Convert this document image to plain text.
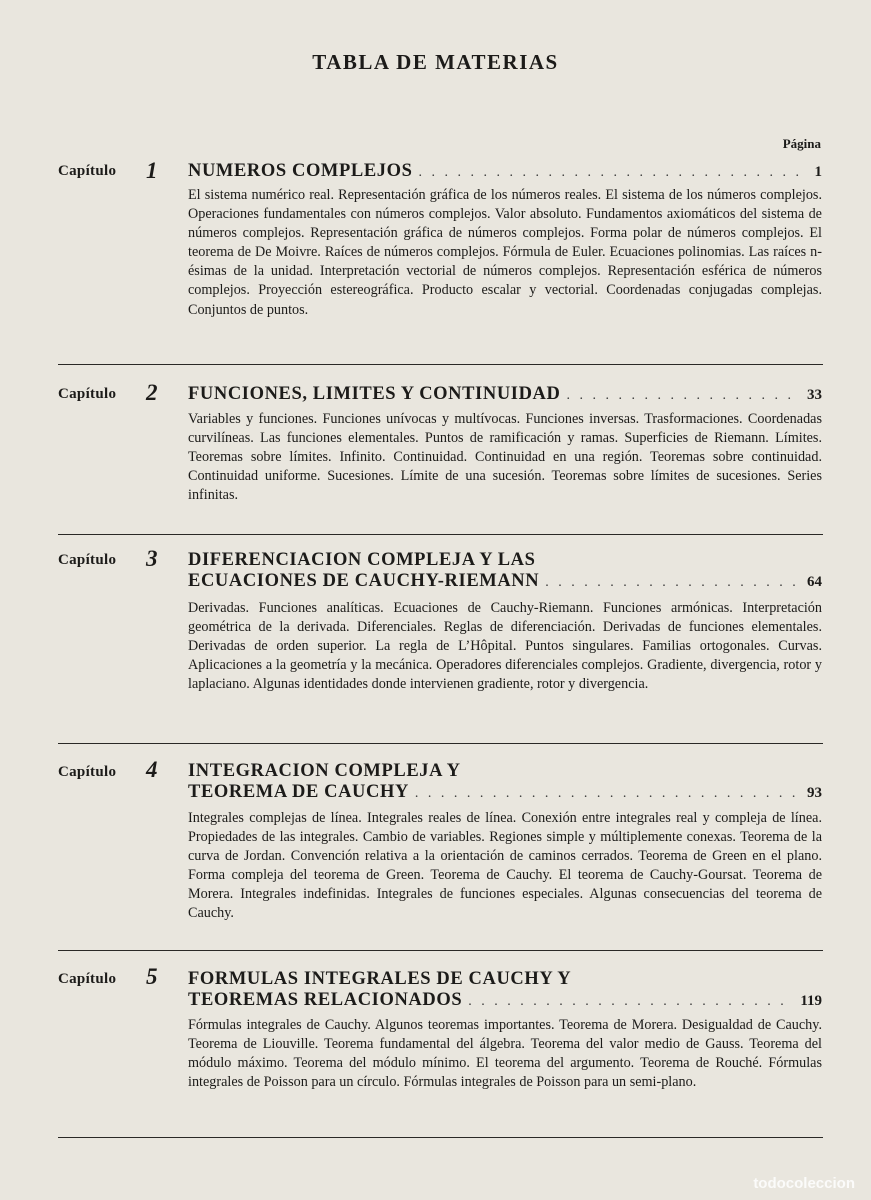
TABLA DE MATERIAS
Página
Capítulo 1 NUMEROS COMPLEJOS . . .	1
El sistema numérico real. Representación gráfica de los números reales. El sistema de los números complejos. Operaciones fundamentales con números complejos. Valor absoluto. Fundamentos axiomáticos del sistema de números complejos. Representación gráfica de números complejos. Forma polar de números complejos. El teorema de De Moivre. Raíces de números complejos. Fórmula de Euler. Ecuaciones polinomias. Las raíces n-ésimas de la unidad. Interpretación vectorial de números complejos. Representación esférica de números complejos. Proyección estereográfica. Producto escalar y vectorial. Coordenadas conjugadas complejas. Conjuntos de puntos.
Capítulo 2 FUNCIONES, LIMITES Y CONTINUIDAD . . .	33
Variables y funciones. Funciones unívocas y multívocas. Funciones inversas. Trasformaciones. Coordenadas curvilíneas. Las funciones elementales. Puntos de ramificación y ramas. Superficies de Riemann. Límites. Teoremas sobre límites. Infinito. Continuidad. Continuidad en una región. Teoremas sobre continuidad. Continuidad uniforme. Sucesiones. Límite de una sucesión. Teoremas sobre límites de sucesiones. Series infinitas.
Capítulo 3 DIFERENCIACION COMPLEJA Y LAS
ECUACIONES DE CAUCHY-RIEMANN . . .	64
Derivadas. Funciones analíticas. Ecuaciones de Cauchy-Riemann. Funciones armónicas. Interpretación geométrica de la derivada. Diferenciales. Reglas de diferenciación. Derivadas de funciones elementales. Derivadas de orden superior. La regla de L’Hôpital. Puntos singulares. Familias ortogonales. Curvas. Aplicaciones a la geometría y la mecánica. Operadores diferenciales complejos. Gradiente, divergencia, rotor y laplaciano. Algunas identidades donde intervienen gradiente, rotor y divergencia.
Capítulo 4 INTEGRACION COMPLEJA Y
TEOREMA DE CAUCHY . . .	93
Integrales complejas de línea. Integrales reales de línea. Conexión entre integrales real y compleja de línea. Propiedades de las integrales. Cambio de variables. Regiones simple y múltiplemente conexas. Teorema de la curva de Jordan. Convención relativa a la orientación de caminos cerrados. Teorema de Green en el plano. Forma compleja del teorema de Green. Teorema de Cauchy. El teorema de Cauchy-Goursat. Teorema de Morera. Integrales indefinidas. Integrales de funciones especiales. Algunas consecuencias del teorema de Cauchy.
Capítulo 5 FORMULAS INTEGRALES DE CAUCHY Y
TEOREMAS RELACIONADOS . . .	119
Fórmulas integrales de Cauchy. Algunos teoremas importantes. Teorema de Morera. Desigualdad de Cauchy. Teorema de Liouville. Teorema fundamental del álgebra. Teorema del valor medio de Gauss. Teorema del módulo máximo. Teorema del módulo mínimo. El teorema del argumento. Teorema de Rouché. Fórmulas integrales de Poisson para un círculo. Fórmulas integrales de Poisson para un semi-plano.
todocoleccion
